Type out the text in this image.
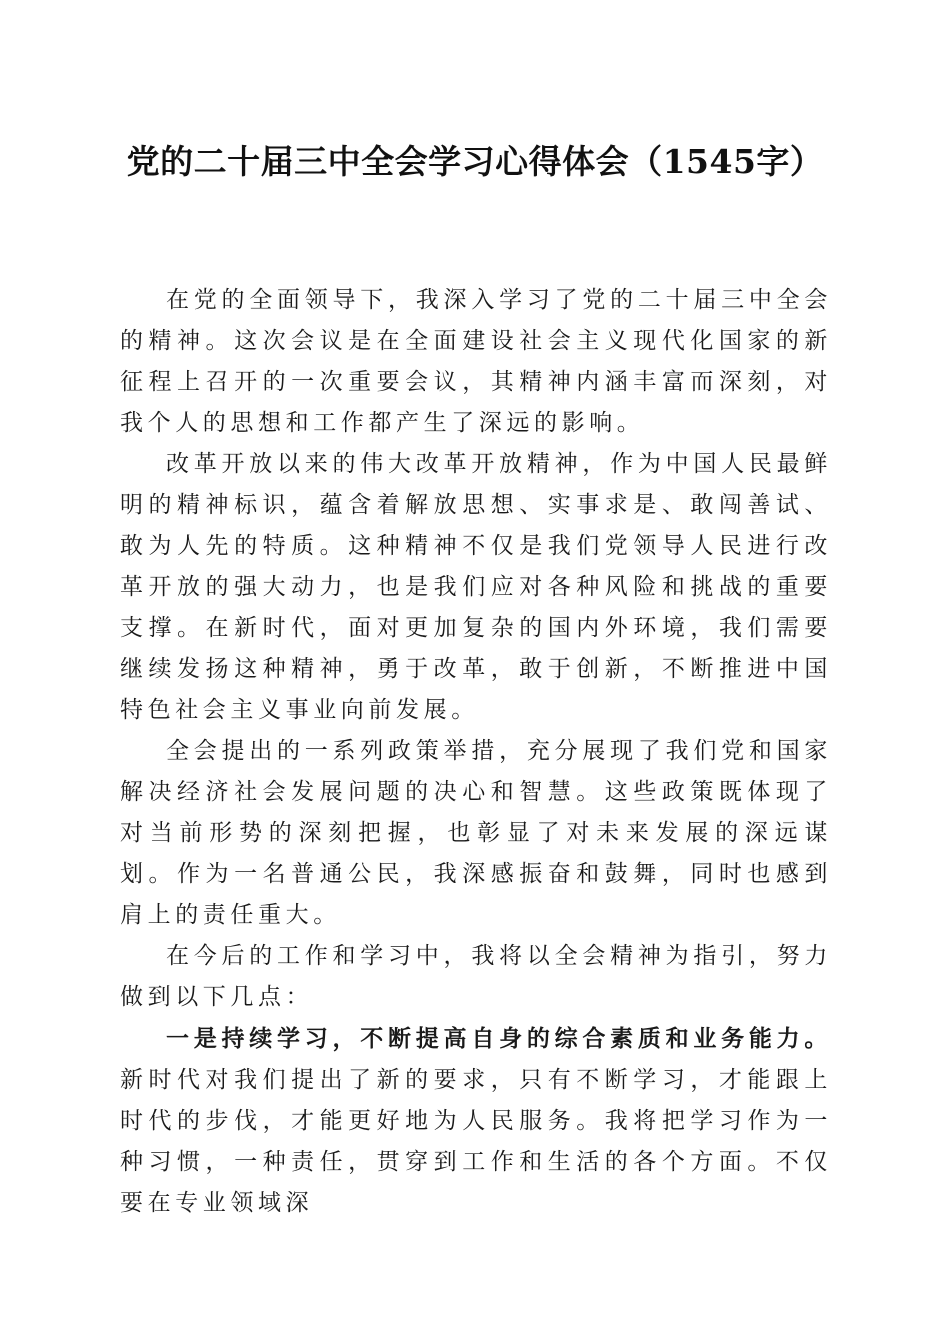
党的二十届三中全会学习心得体会（1545字）

在党的全面领导下，我深入学习了党的二十届三中全会的精神。这次会议是在全面建设社会主义现代化国家的新征程上召开的一次重要会议，其精神内涵丰富而深刻，对我个人的思想和工作都产生了深远的影响。

改革开放以来的伟大改革开放精神，作为中国人民最鲜明的精神标识，蕴含着解放思想、实事求是、敢闯善试、敢为人先的特质。这种精神不仅是我们党领导人民进行改革开放的强大动力，也是我们应对各种风险和挑战的重要支撑。在新时代，面对更加复杂的国内外环境，我们需要继续发扬这种精神，勇于改革，敢于创新，不断推进中国特色社会主义事业向前发展。

全会提出的一系列政策举措，充分展现了我们党和国家解决经济社会发展问题的决心和智慧。这些政策既体现了对当前形势的深刻把握，也彰显了对未来发展的深远谋划。作为一名普通公民，我深感振奋和鼓舞，同时也感到肩上的责任重大。

在今后的工作和学习中，我将以全会精神为指引，努力做到以下几点：

一是持续学习，不断提高自身的综合素质和业务能力。新时代对我们提出了新的要求，只有不断学习，才能跟上时代的步伐，才能更好地为人民服务。我将把学习作为一种习惯，一种责任，贯穿到工作和生活的各个方面。不仅要在专业领域深
